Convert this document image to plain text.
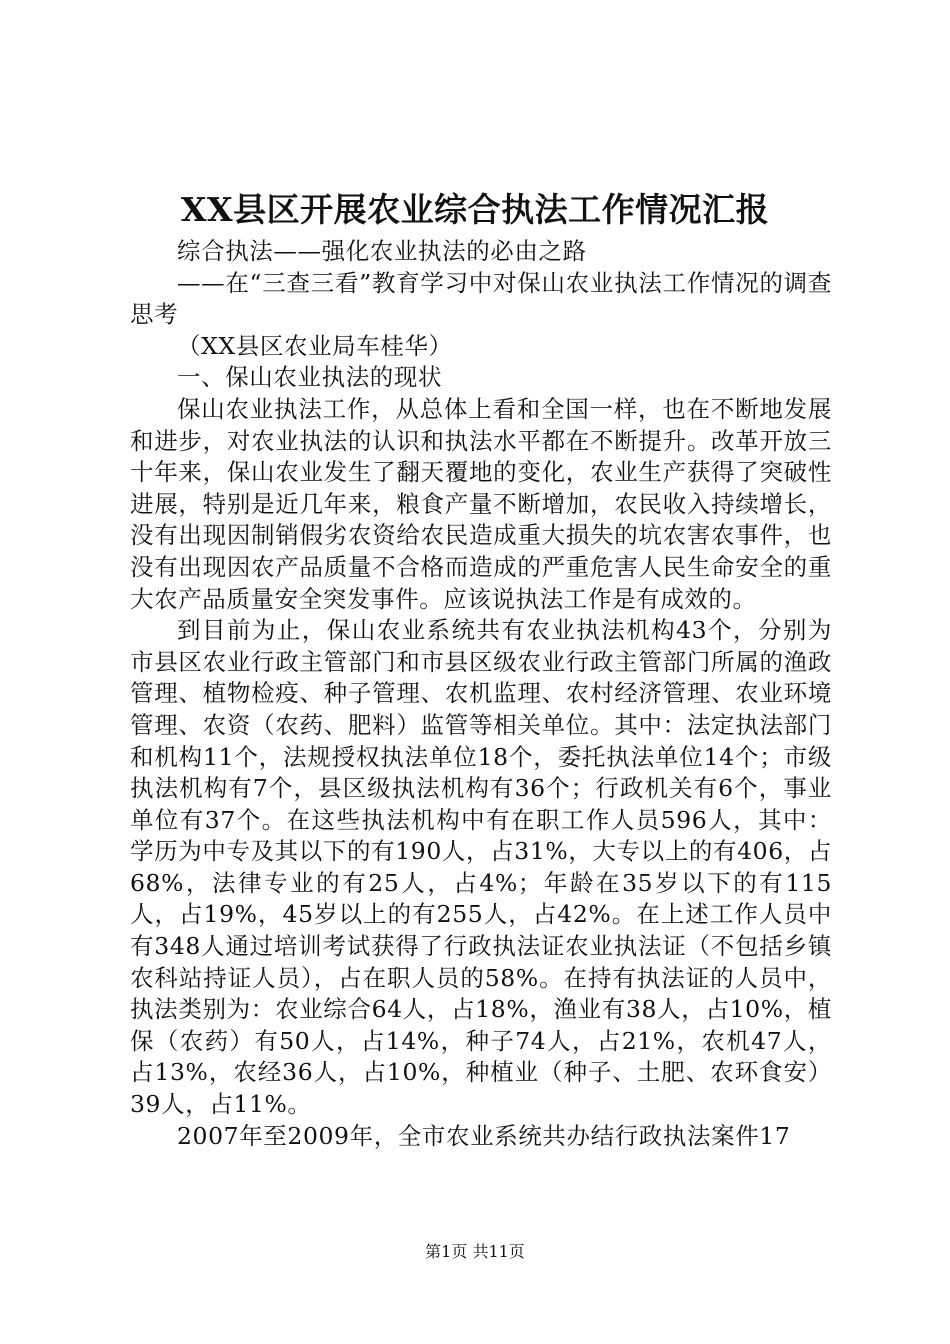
XX县区开展农业综合执法工作情况汇报

综合执法——强化农业执法的必由之路

——在“三查三看”教育学习中对保山农业执法工作情况的调查思考

（XX县区农业局车桂华）

一、保山农业执法的现状

保山农业执法工作，从总体上看和全国一样，也在不断地发展和进步，对农业执法的认识和执法水平都在不断提升。改革开放三十年来，保山农业发生了翻天覆地的变化，农业生产获得了突破性进展，特别是近几年来，粮食产量不断增加，农民收入持续增长，没有出现因制销假劣农资给农民造成重大损失的坑农害农事件，也没有出现因农产品质量不合格而造成的严重危害人民生命安全的重大农产品质量安全突发事件。应该说执法工作是有成效的。

到目前为止，保山农业系统共有农业执法机构43个，分别为市县区农业行政主管部门和市县区级农业行政主管部门所属的渔政管理、植物检疫、种子管理、农机监理、农村经济管理、农业环境管理、农资（农药、肥料）监管等相关单位。其中：法定执法部门和机构11个，法规授权执法单位18个，委托执法单位14个；市级执法机构有7个，县区级执法机构有36个；行政机关有6个，事业单位有37个。在这些执法机构中有在职工作人员596人，其中：学历为中专及其以下的有190人，占31%，大专以上的有406，占68%，法律专业的有25人，占4%；年龄在35岁以下的有115人，占19%，45岁以上的有255人，占42%。在上述工作人员中有348人通过培训考试获得了行政执法证农业执法证（不包括乡镇农科站持证人员），占在职人员的58%。在持有执法证的人员中，执法类别为：农业综合64人，占18%，渔业有38人，占10%，植保（农药）有50人，占14%，种子74人，占21%，农机47人，占13%，农经36人，占10%，种植业（种子、土肥、农环食安）39人，占11%。

2007年至2009年，全市农业系统共办结行政执法案件17

第1页 共11页
